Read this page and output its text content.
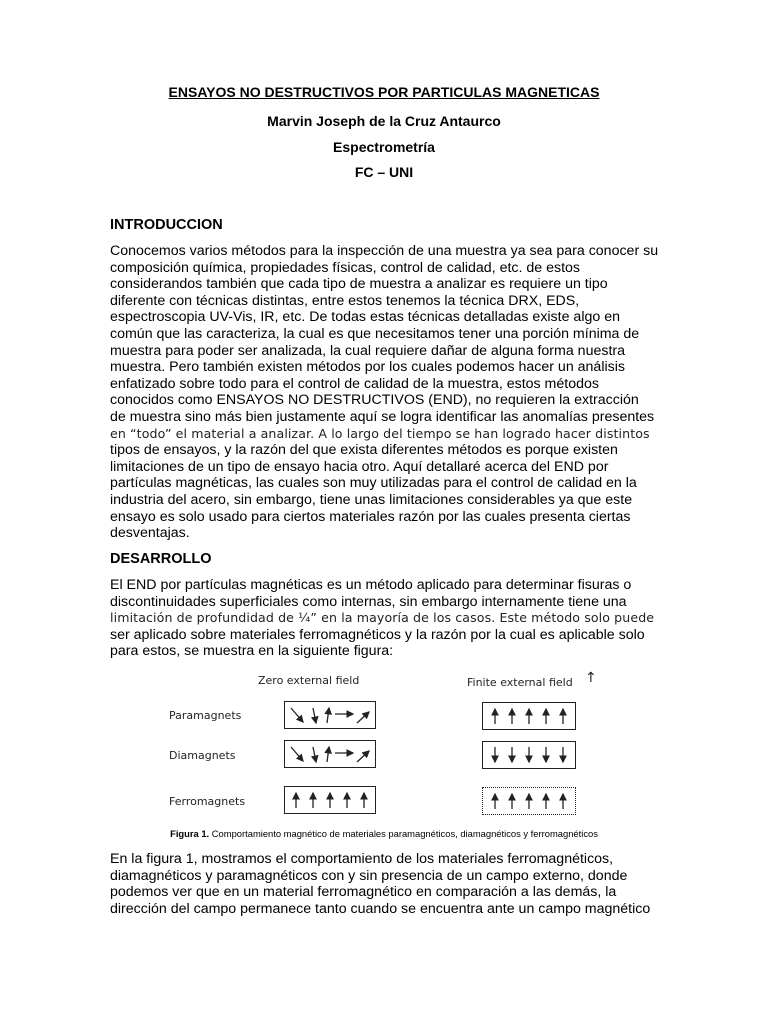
ENSAYOS NO DESTRUCTIVOS POR PARTICULAS MAGNETICAS
Marvin Joseph de la Cruz Antaurco
Espectrometría
FC – UNI
INTRODUCCION
Conocemos varios métodos para la inspección de una muestra ya sea para conocer su
composición química, propiedades físicas, control de calidad, etc. de estos
considerandos también que cada tipo de muestra a analizar es requiere un tipo
diferente con técnicas distintas, entre estos tenemos la técnica DRX, EDS,
espectroscopia UV-Vis, IR, etc. De todas estas técnicas detalladas existe algo en
común que las caracteriza, la cual es que necesitamos tener una porción mínima de
muestra para poder ser analizada, la cual requiere dañar de alguna forma nuestra
muestra. Pero también existen métodos por los cuales podemos hacer un análisis
enfatizado sobre todo para el control de calidad de la muestra, estos métodos
conocidos como ENSAYOS NO DESTRUCTIVOS (END), no requieren la extracción
de muestra sino más bien justamente aquí se logra identificar las anomalías presentes
en “todo” el material a analizar. A lo largo del tiempo se han logrado hacer distintos
tipos de ensayos, y la razón del que exista diferentes métodos es porque existen
limitaciones de un tipo de ensayo hacia otro. Aquí detallaré acerca del END por
partículas magnéticas, las cuales son muy utilizadas para el control de calidad en la
industria del acero, sin embargo, tiene unas limitaciones considerables ya que este
ensayo es solo usado para ciertos materiales razón por las cuales presenta ciertas
desventajas.
DESARROLLO
El END por partículas magnéticas es un método aplicado para determinar fisuras o
discontinuidades superficiales como internas, sin embargo internamente tiene una
limitación de profundidad de ¼” en la mayoría de los casos. Este método solo puede
ser aplicado sobre materiales ferromagnéticos y la razón por la cual es aplicable solo
para estos, se muestra en la siguiente figura:
Zero external field	Finite external field ↑
Paramagnets
Diamagnets
Ferromagnets
Figura 1. Comportamiento magnético de materiales paramagnéticos, diamagnéticos y ferromagnéticos
En la figura 1, mostramos el comportamiento de los materiales ferromagnéticos,
diamagnéticos y paramagnéticos con y sin presencia de un campo externo, donde
podemos ver que en un material ferromagnético en comparación a las demás, la
dirección del campo permanece tanto cuando se encuentra ante un campo magnético
